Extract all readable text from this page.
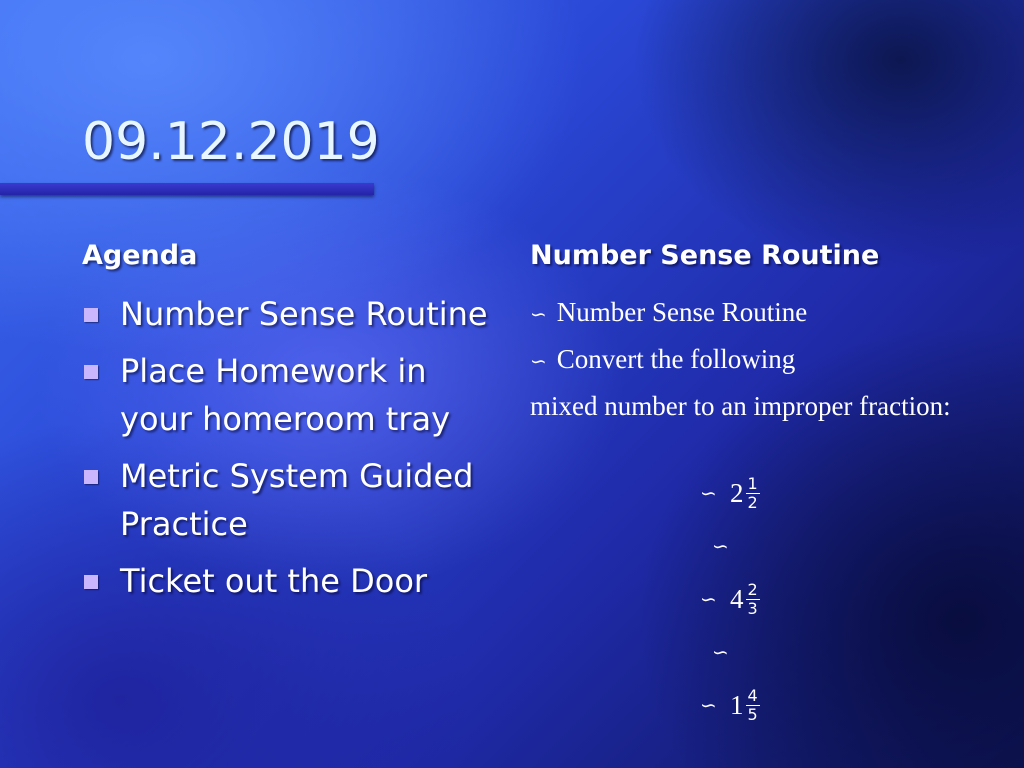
09.12.2019
Agenda	Number Sense Routine
Number Sense Routine
Place Homework in your homeroom tray
Metric System Guided Practice
Ticket out the Door
∽ Number Sense Routine
∽ Convert the following
mixed number to an improper fraction:
∽ $2 \frac{1}{2}$
∽
∽ $4 \frac{2}{3}$
∽
∽ $1 \frac{4}{5}$
